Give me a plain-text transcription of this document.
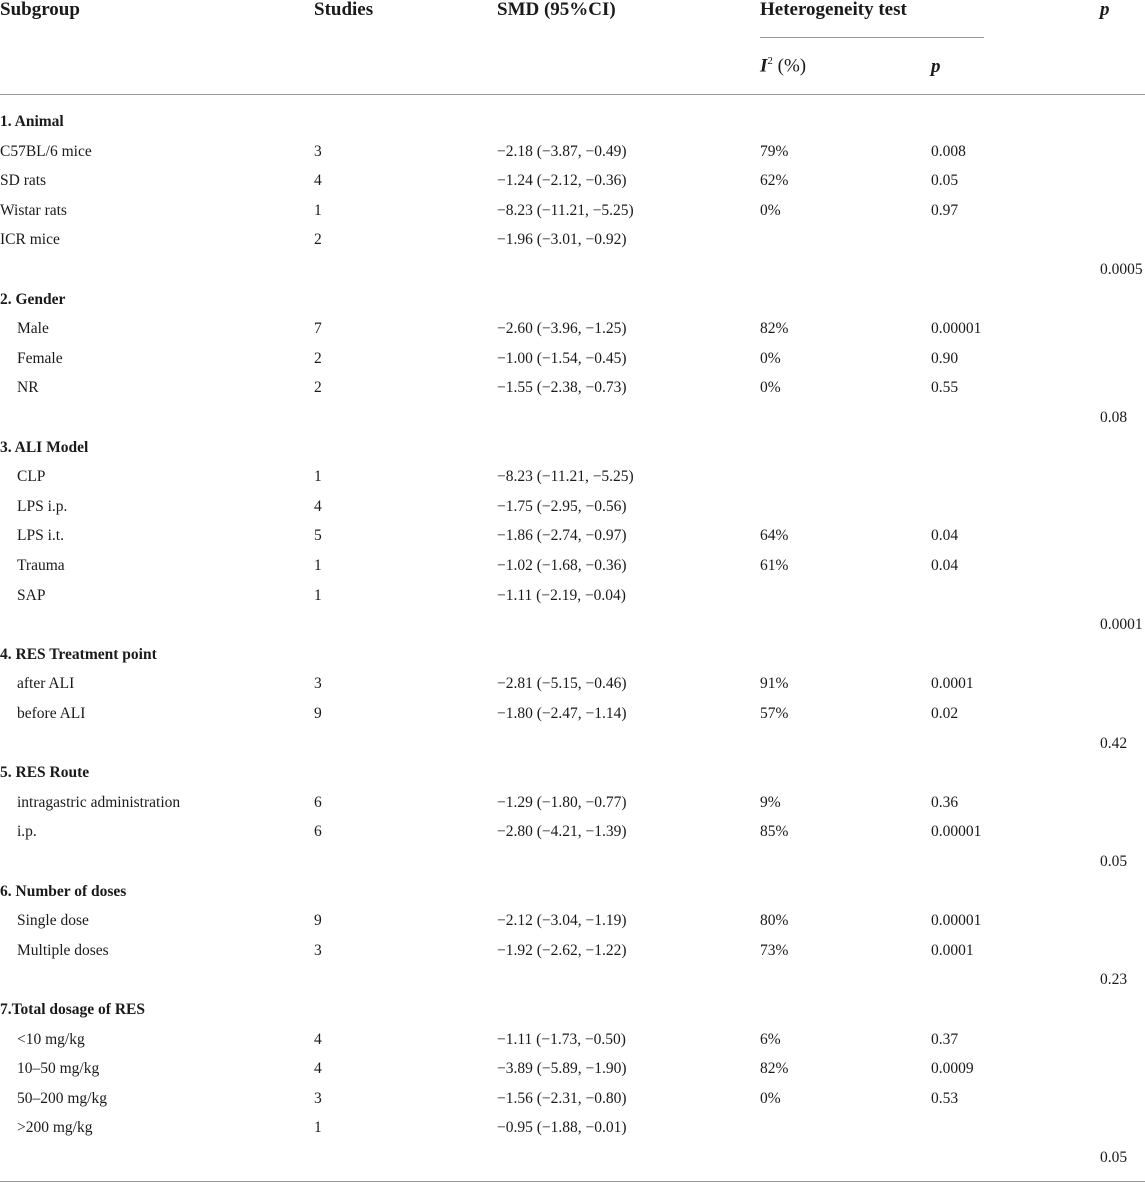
Subgroup	Studies	SMD (95%CI)	Heterogeneity test	p
$I^2$ (%)	p
1. Animal
C57BL/6 mice	3	−2.18 (−3.87, −0.49)	79%	0.008
SD rats	4	−1.24 (−2.12, −0.36)	62%	0.05
Wistar rats	1	−8.23 (−11.21, −5.25)	0%	0.97
ICR mice	2	−1.96 (−3.01, −0.92)
0.0005
2. Gender
Male	7	−2.60 (−3.96, −1.25)	82%	0.00001
Female	2	−1.00 (−1.54, −0.45)	0%	0.90
NR	2	−1.55 (−2.38, −0.73)	0%	0.55
0.08
3. ALI Model
CLP	1	−8.23 (−11.21, −5.25)
LPS i.p.	4	−1.75 (−2.95, −0.56)
LPS i.t.	5	−1.86 (−2.74, −0.97)	64%	0.04
Trauma	1	−1.02 (−1.68, −0.36)	61%	0.04
SAP	1	−1.11 (−2.19, −0.04)
0.0001
4. RES Treatment point
after ALI	3	−2.81 (−5.15, −0.46)	91%	0.0001
before ALI	9	−1.80 (−2.47, −1.14)	57%	0.02
0.42
5. RES Route
intragastric administration	6	−1.29 (−1.80, −0.77)	9%	0.36
i.p.	6	−2.80 (−4.21, −1.39)	85%	0.00001
0.05
6. Number of doses
Single dose	9	−2.12 (−3.04, −1.19)	80%	0.00001
Multiple doses	3	−1.92 (−2.62, −1.22)	73%	0.0001
0.23
7.Total dosage of RES
<10 mg/kg	4	−1.11 (−1.73, −0.50)	6%	0.37
10–50 mg/kg	4	−3.89 (−5.89, −1.90)	82%	0.0009
50–200 mg/kg	3	−1.56 (−2.31, −0.80)	0%	0.53
>200 mg/kg	1	−0.95 (−1.88, −0.01)
0.05
